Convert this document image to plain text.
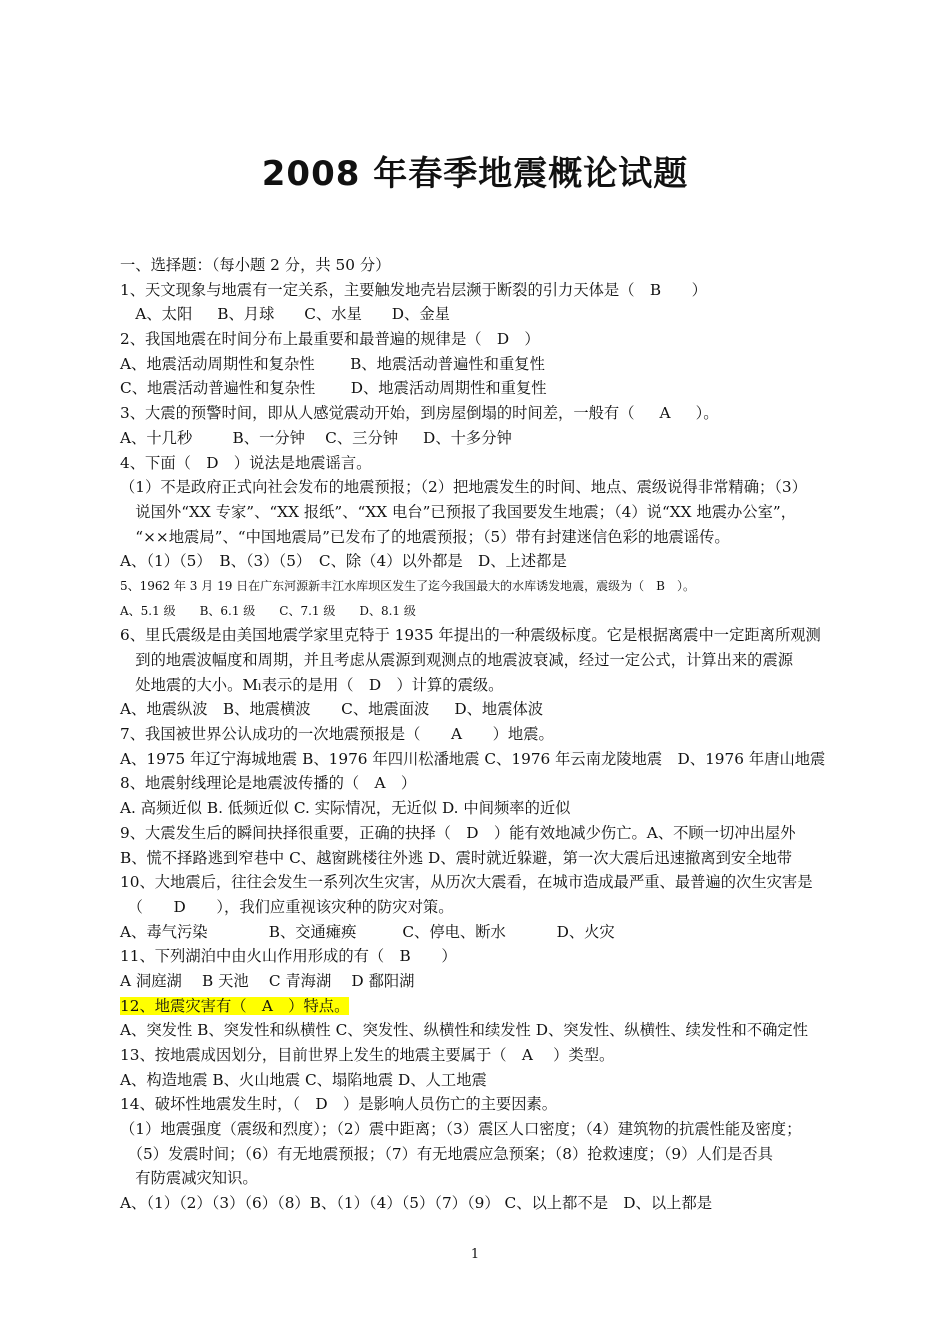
2008 年春季地震概论试题
一、选择题：（每小题 2 分，共 50 分）
1、天文现象与地震有一定关系，主要触发地壳岩层濒于断裂的引力天体是（　B　　）
　A、太阳　  B、月球　   C、水星　   D、金星
2、我国地震在时间分布上最重要和最普遍的规律是（　D　）
A、地震活动周期性和复杂性　　 B、地震活动普遍性和重复性
C、地震活动普遍性和复杂性　　 D、地震活动周期性和重复性
3、大震的预警时间，即从人感觉震动开始，到房屋倒塌的时间差，一般有（　  A　  ）。
A、十几秒　　  B、一分钟　 C、三分钟　  D、十多分钟
4、下面（　D　）说法是地震谣言。
（1）不是政府正式向社会发布的地震预报；（2）把地震发生的时间、地点、震级说得非常精确；（3）
　说国外“XX 专家”、“XX 报纸”、“XX 电台”已预报了我国要发生地震；（4）说“XX 地震办公室”，
　“××地震局”、“中国地震局”已发布了的地震预报；（5）带有封建迷信色彩的地震谣传。
A、（1）（5）　B、（3）（5）　C、除（4）以外都是　D、上述都是
5、1962 年 3 月 19 日在广东河源新丰江水库坝区发生了迄今我国最大的水库诱发地震，震级为（　B　）。
A、5.1 级　　B、6.1 级　　C、7.1 级　　D、8.1 级
6、里氏震级是由美国地震学家里克特于 1935 年提出的一种震级标度。它是根据离震中一定距离所观测
　到的地震波幅度和周期，并且考虑从震源到观测点的地震波衰减，经过一定公式，计算出来的震源
　处地震的大小。Mₗ表示的是用（　D　）计算的震级。
A、地震纵波　B、地震横波　　C、地震面波　  D、地震体波
7、我国被世界公认成功的一次地震预报是（　　A　　）地震。
A、1975 年辽宁海城地震 B、1976 年四川松潘地震 C、1976 年云南龙陵地震　D、1976 年唐山地震
8、地震射线理论是地震波传播的（　A　）
A. 高频近似 B. 低频近似 C. 实际情况，无近似 D. 中间频率的近似
9、大震发生后的瞬间抉择很重要，正确的抉择（　D　）能有效地减少伤亡。A、不顾一切冲出屋外
B、慌不择路逃到窄巷中 C、越窗跳楼往外逃 D、震时就近躲避，第一次大震后迅速撤离到安全地带
10、大地震后，往往会发生一系列次生灾害，从历次大震看，在城市造成最严重、最普遍的次生灾害是
　（　　D　　），我们应重视该灾种的防灾对策。
A、毒气污染　　　　B、交通瘫痪　　　C、停电、断水　　　 D、火灾
11、下列湖泊中由火山作用形成的有（　B　　）
A 洞庭湖　 B 天池　 C 青海湖　 D 鄱阳湖
12、地震灾害有（　A　）特点。
A、突发性 B、突发性和纵横性 C、突发性、纵横性和续发性 D、突发性、纵横性、续发性和不确定性
13、按地震成因划分，目前世界上发生的地震主要属于（　A　 ）类型。
A、构造地震 B、火山地震 C、塌陷地震 D、人工地震
14、破坏性地震发生时，（　D　）是影响人员伤亡的主要因素。
（1）地震强度（震级和烈度）；（2）震中距离；（3）震区人口密度；（4）建筑物的抗震性能及密度；
　（5）发震时间；（6）有无地震预报；（7）有无地震应急预案；（8）抢救速度；（9）人们是否具
　有防震减灾知识。
A、（1）（2）（3）（6）（8）B、（1）（4）（5）（7）（9） C、以上都不是　D、以上都是
1
